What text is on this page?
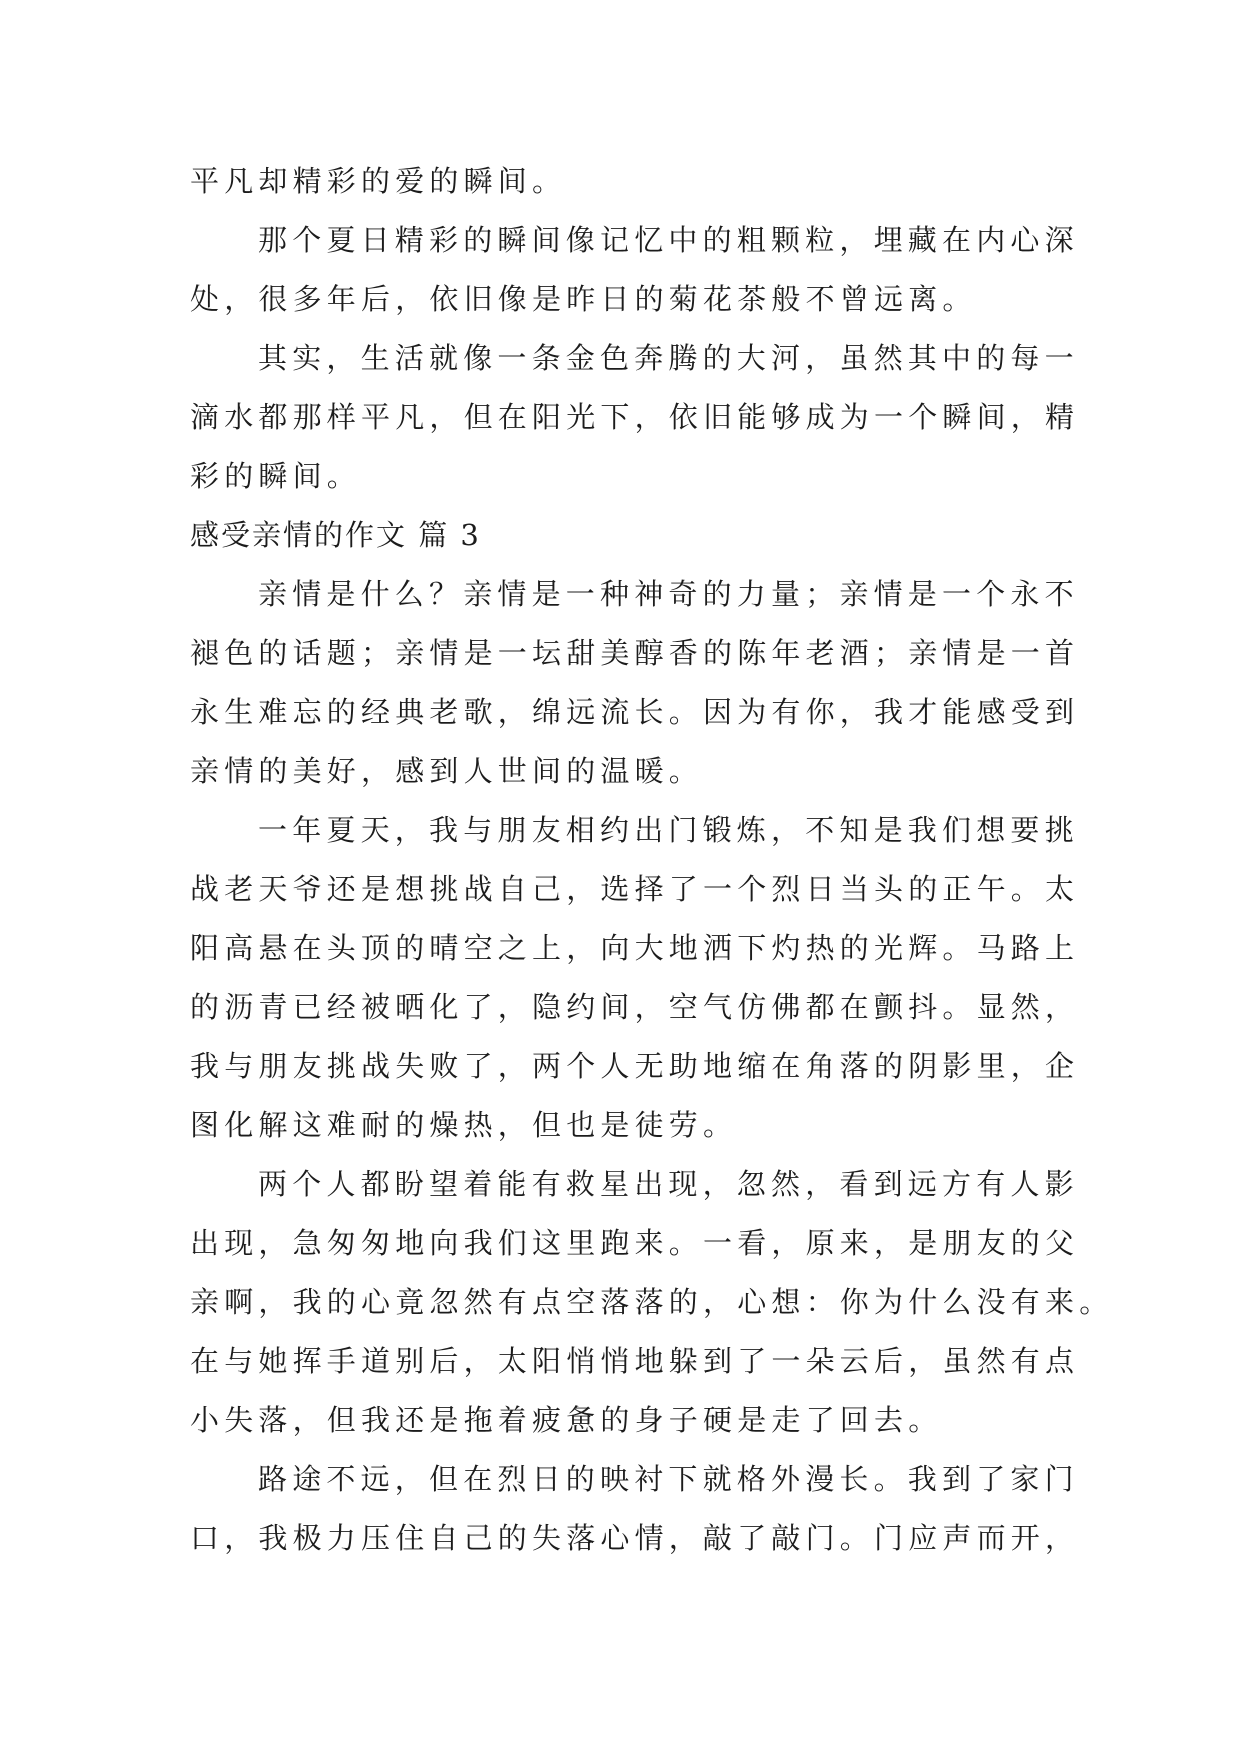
平凡却精彩的爱的瞬间。
那个夏日精彩的瞬间像记忆中的粗颗粒，埋藏在内心深
处，很多年后，依旧像是昨日的菊花茶般不曾远离。
其实，生活就像一条金色奔腾的大河，虽然其中的每一
滴水都那样平凡，但在阳光下，依旧能够成为一个瞬间，精
彩的瞬间。
感受亲情的作文 篇 3
亲情是什么？亲情是一种神奇的力量；亲情是一个永不
褪色的话题；亲情是一坛甜美醇香的陈年老酒；亲情是一首
永生难忘的经典老歌，绵远流长。因为有你，我才能感受到
亲情的美好，感到人世间的温暖。
一年夏天，我与朋友相约出门锻炼，不知是我们想要挑
战老天爷还是想挑战自己，选择了一个烈日当头的正午。太
阳高悬在头顶的晴空之上，向大地洒下灼热的光辉。马路上
的沥青已经被晒化了，隐约间，空气仿佛都在颤抖。显然，
我与朋友挑战失败了，两个人无助地缩在角落的阴影里，企
图化解这难耐的燥热，但也是徒劳。
两个人都盼望着能有救星出现，忽然，看到远方有人影
出现，急匆匆地向我们这里跑来。一看，原来，是朋友的父
亲啊，我的心竟忽然有点空落落的，心想：你为什么没有来。
在与她挥手道别后，太阳悄悄地躲到了一朵云后，虽然有点
小失落，但我还是拖着疲惫的身子硬是走了回去。
路途不远，但在烈日的映衬下就格外漫长。我到了家门
口，我极力压住自己的失落心情，敲了敲门。门应声而开，
